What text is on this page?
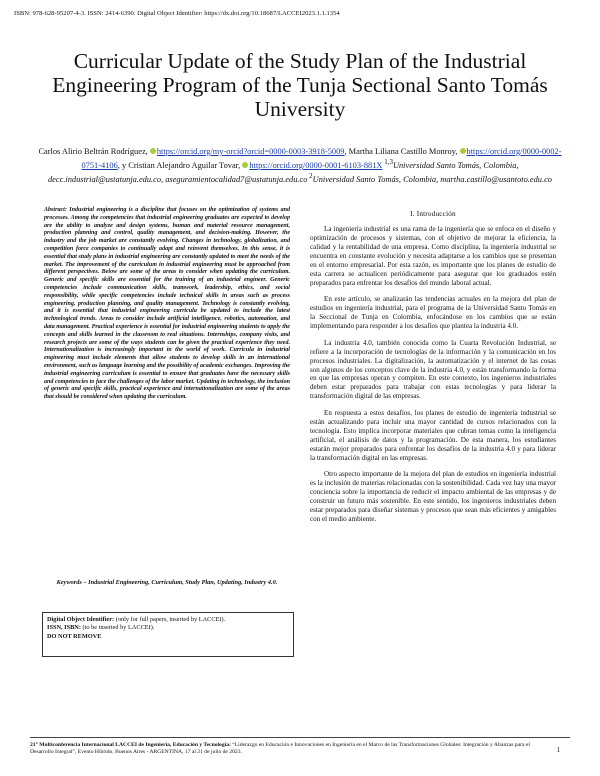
ISBN: 978-628-95207-4-3. ISSN: 2414-6390. Digital Object Identifier: https://dx.doi.org/10.18687/LACCEI2023.1.1.1354
Curricular Update of the Study Plan of the Industrial Engineering Program of the Tunja Sectional Santo Tomás University
Carlos Alirio Beltrán Rodríguez, https://orcid.org/my-orcid?orcid=0000-0003-3918-5009, Martha Liliana Castillo Monroy, https://orcid.org/0000-0002-0751-4106, y Cristian Alejandro Aguilar Tovar, https://orcid.org/0000-0001-6103-881X $^{1,3}$Universidad Santo Tomás, Colombia, decc.industrial@ustatunja.edu.co, aseguramientocalidad7@ustatunja.edu.co $^2$Universidad Santo Tomás, Colombia, martha.castillo@usantoto.edu.co
Abstract: Industrial engineering is a discipline that focuses on the optimization of systems and processes. Among the competencies that industrial engineering graduates are expected to develop are the ability to analyze and design systems, human and material resource management, production planning and control, quality management, and decision-making. However, the industry and the job market are constantly evolving. Changes in technology, globalization, and competition force companies to continually adapt and reinvent themselves. In this sense, it is essential that study plans in industrial engineering are constantly updated to meet the needs of the market. The improvement of the curriculum in industrial engineering must be approached from different perspectives. Below are some of the areas to consider when updating the curriculum. Generic and specific skills are essential for the training of an industrial engineer. Generic competencies include communication skills, teamwork, leadership, ethics, and social responsibility, while specific competencies include technical skills in areas such as process engineering, production planning, and quality management. Technology is constantly evolving, and it is essential that industrial engineering curricula be updated to include the latest technological trends. Areas to consider include artificial intelligence, robotics, automation, and data management. Practical experience is essential for industrial engineering students to apply the concepts and skills learned in the classroom to real situations. Internships, company visits, and research projects are some of the ways students can be given the practical experience they need. Internationalization is increasingly important in the world of work. Curricula in industrial engineering must include elements that allow students to develop skills in an international environment, such as language learning and the possibility of academic exchanges. Improving the industrial engineering curriculum is essential to ensure that graduates have the necessary skills and competencies to face the challenges of the labor market. Updating in technology, the inclusion of generic and specific skills, practical experience and internationalization are some of the areas that should be considered when updating the curriculum.
Keywords – Industrial Engineering, Curriculum, Study Plan, Updating, Industry 4.0.
Digital Object Identifier: (only for full papers, inserted by LACCEI).
ISSN, ISBN: (to be inserted by LACCEI).
DO NOT REMOVE
I. Introducción

La ingeniería industrial es una rama de la ingeniería que se enfoca en el diseño y optimización de procesos y sistemas, con el objetivo de mejorar la eficiencia, la calidad y la rentabilidad de una empresa. Como disciplina, la ingeniería industrial se encuentra en constante evolución y necesita adaptarse a los cambios que se presentan en el entorno empresarial. Por esta razón, es importante que los planes de estudio de esta carrera se actualicen periódicamente para asegurar que los graduados estén preparados para enfrentar los desafíos del mundo laboral actual.

En este artículo, se analizarán las tendencias actuales en la mejora del plan de estudios en ingeniería industrial, para el programa de la Universidad Santo Tomás en la Seccional de Tunja en Colombia, enfocándose en los cambios que se están implementando para responder a los desafíos que plantea la industria 4.0.

La industria 4.0, también conocida como la Cuarta Revolución Industrial, se refiere a la incorporación de tecnologías de la información y la comunicación en los procesos industriales. La digitalización, la automatización y el internet de las cosas son algunos de los conceptos clave de la industria 4.0, y están transformando la forma en que las empresas operan y compiten. En este contexto, los ingenieros industriales deben estar preparados para trabajar con estas tecnologías y para liderar la transformación digital de las empresas.

En respuesta a estos desafíos, los planes de estudio de ingeniería industrial se están actualizando para incluir una mayor cantidad de cursos relacionados con la tecnología. Esto implica incorporar materiales que cubran temas como la inteligencia artificial, el análisis de datos y la programación. De esta manera, los estudiantes estarán mejor preparados para enfrentar los desafíos de la industria 4.0 y para liderar la transformación digital en las empresas.

Otro aspecto importante de la mejora del plan de estudios en ingeniería industrial es la inclusión de materias relacionadas con la sostenibilidad. Cada vez hay una mayor conciencia sobre la importancia de reducir el impacto ambiental de las empresas y de construir un futuro más sostenible. En este sentido, los ingenieros industriales deben estar preparados para diseñar sistemas y procesos que sean más eficientes y amigables con el medio ambiente.

21° Multiconferencia Internacional LACCEI de Ingeniería, Educación y Tecnología: “Liderazgo en Educación e Innovaciones en Ingeniería en el Marco de las Transformaciones Globales: Integración y Alianzas para el Desarrollo Integral”, Evento Híbrido, Buenos Aires - ARGENTINA, 17 al 21 de julio de 2023.	1
